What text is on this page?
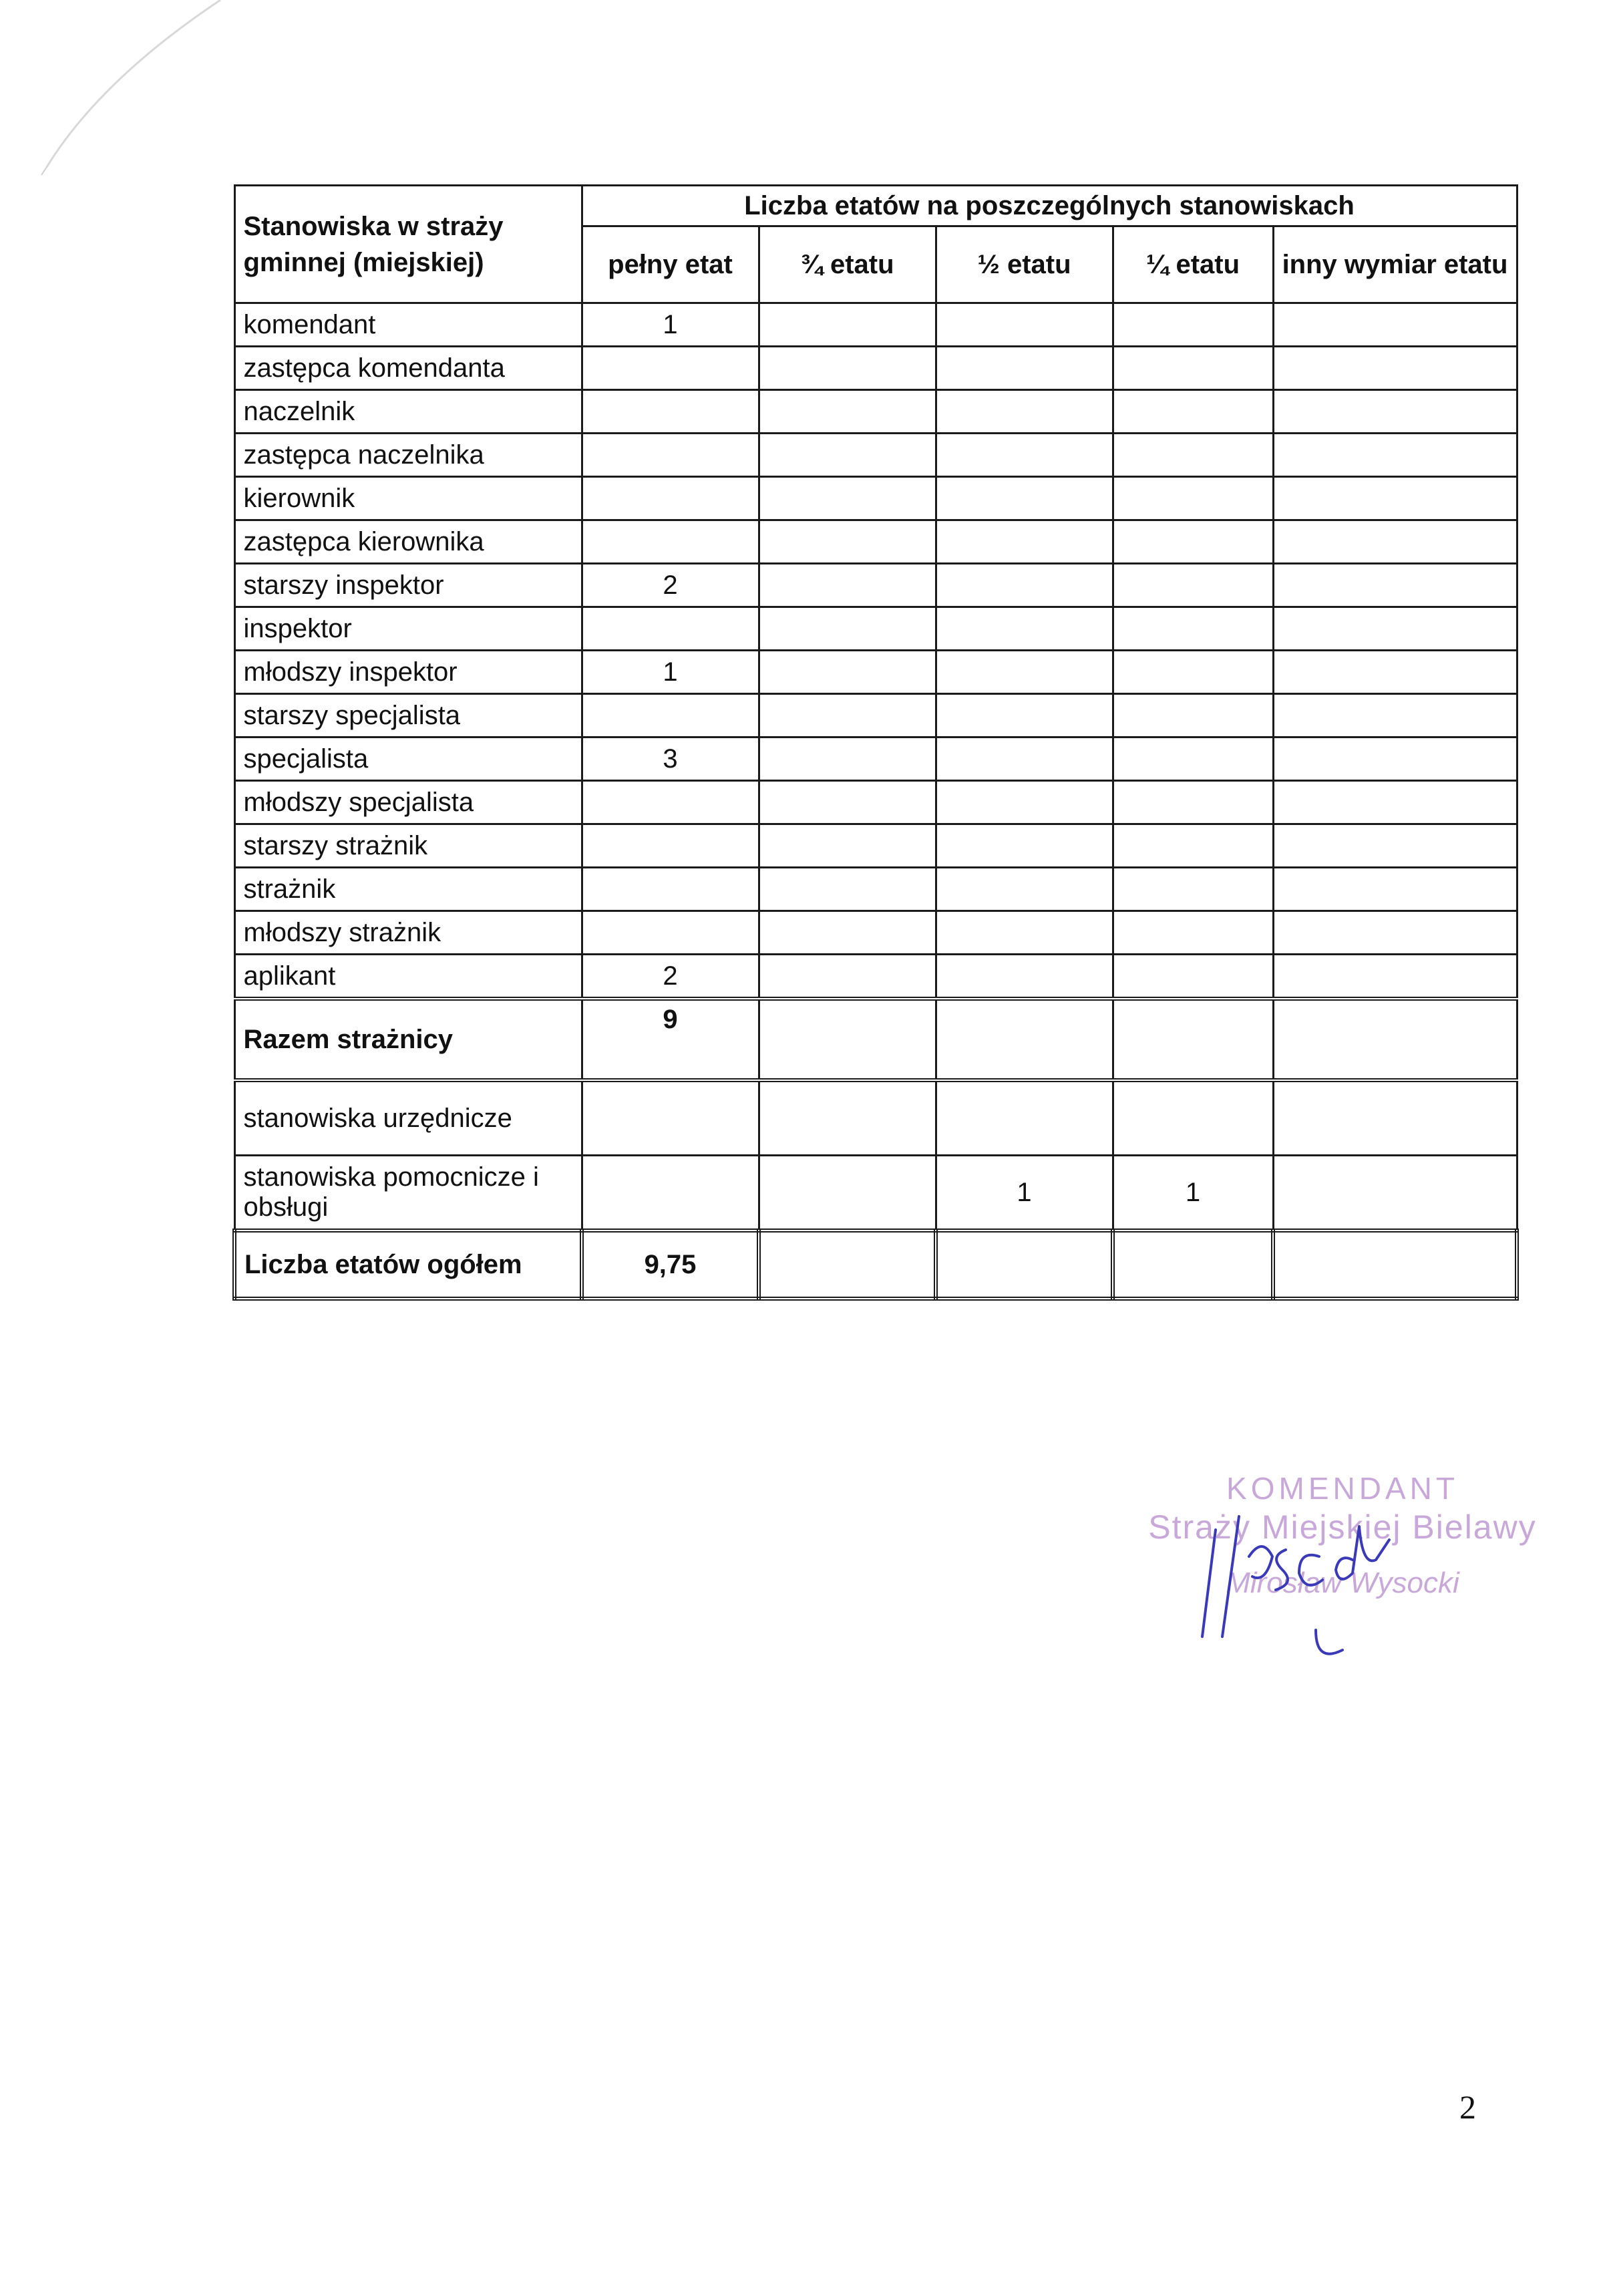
Stanowiska w straży gminnej (miejskiej)	Liczba etatów na poszczególnych stanowiskach				
	pełny etat	¾ etatu	½ etatu	¼ etatu	inny wymiar etatu
komendant	1				
zastępca komendanta					
naczelnik					
zastępca naczelnika					
kierownik					
zastępca kierownika					
starszy inspektor	2				
inspektor					
młodszy inspektor	1				
starszy specjalista					
specjalista	3				
młodszy specjalista					
starszy strażnik					
strażnik					
młodszy strażnik					
aplikant	2				
Razem strażnicy	9				
stanowiska urzędnicze					
stanowiska pomocnicze i obsługi			1	1	
Liczba etatów ogółem	9,75				
KOMENDANT
Straży Miejskiej Bielawy
Mirosław Wysocki
2
